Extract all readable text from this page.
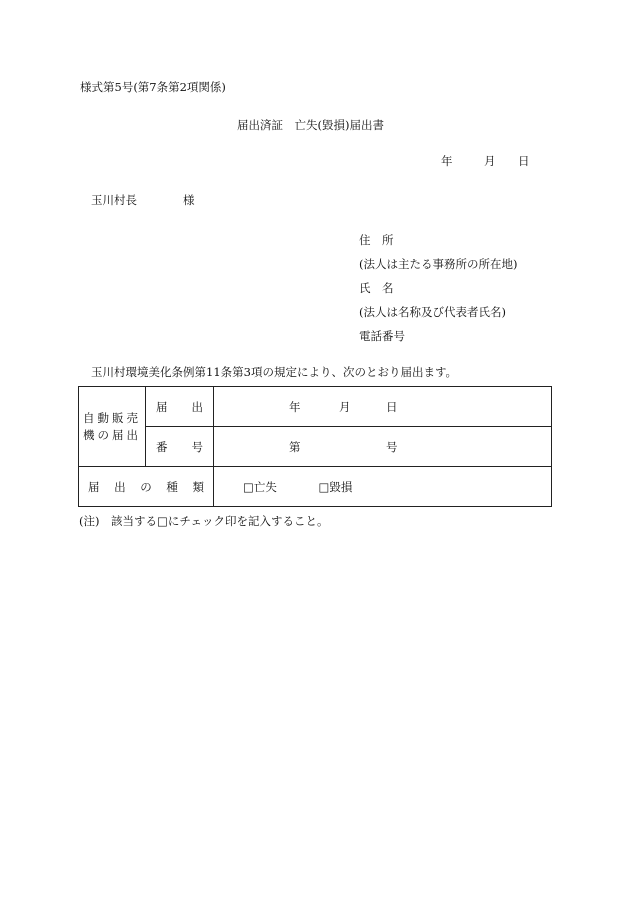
様式第5号(第7条第2項関係)
届出済証　亡失(毀損)届出書
年	月 日
玉川村長	様
住　所
(法人は主たる事務所の所在地)
氏　名
(法人は名称及び代表者氏名)
電話番号
玉川村環境美化条例第11条第3項の規定により、次のとおり届出ます。
自動販売
機の届出	届 出	年 月 日

	番 号	第 号

届 出 の 種 類		□亡失 □毀損
(注)　該当する□にチェック印を記入すること。
